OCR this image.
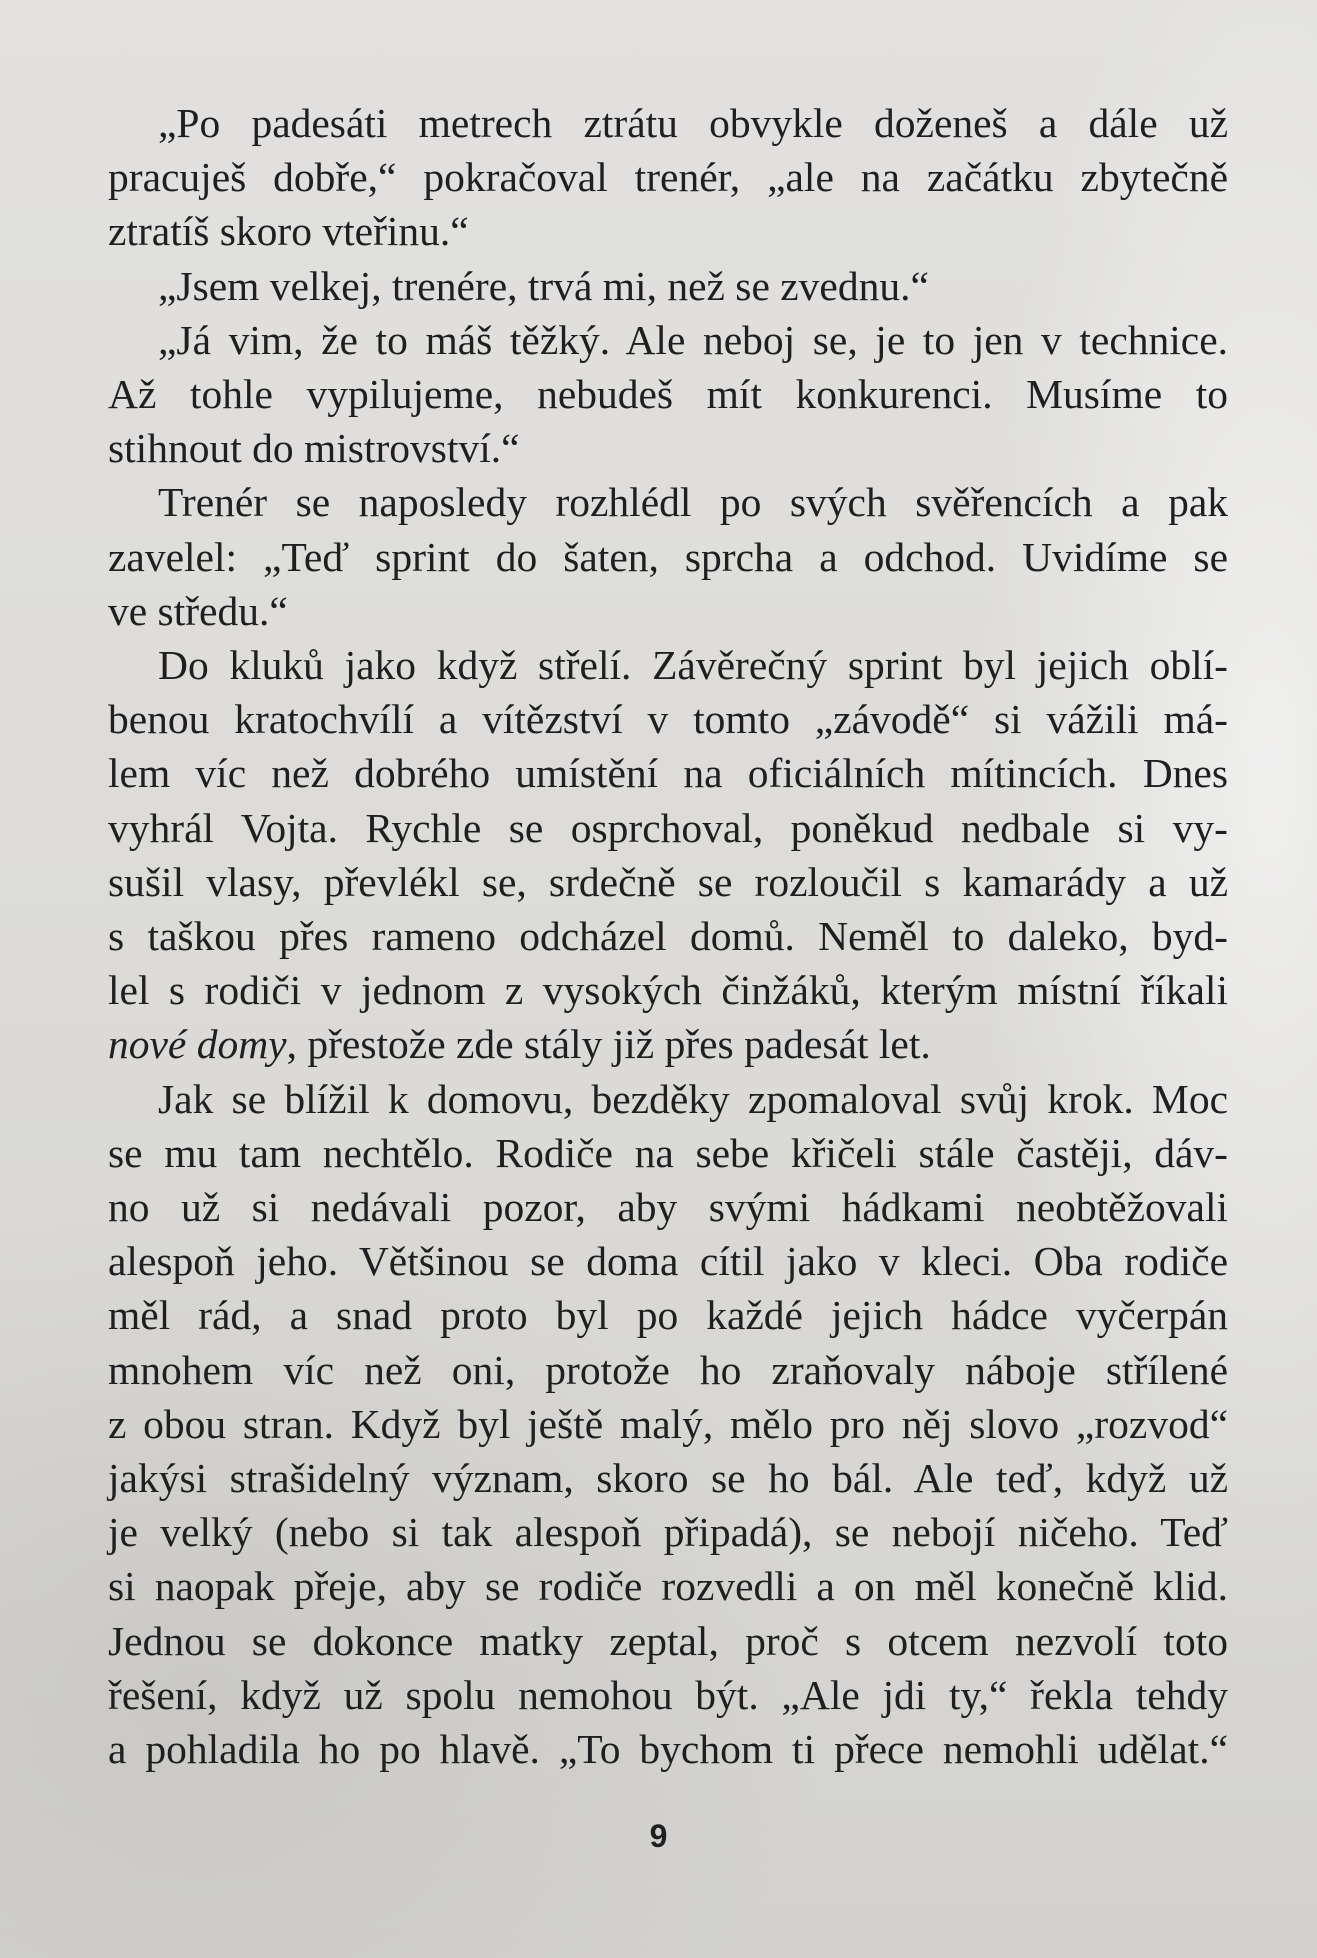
„Po padesáti metrech ztrátu obvykle doženeš a dále už
pracuješ dobře,“ pokračoval trenér, „ale na začátku zbytečně
ztratíš skoro vteřinu.“

„Jsem velkej, trenére, trvá mi, než se zvednu.“

„Já vim, že to máš těžký. Ale neboj se, je to jen v technice.
Až tohle vypilujeme, nebudeš mít konkurenci. Musíme to
stihnout do mistrovství.“

Trenér se naposledy rozhlédl po svých svěřencích a pak
zavelel: „Teď sprint do šaten, sprcha a odchod. Uvidíme se
ve středu.“

Do kluků jako když střelí. Závěrečný sprint byl jejich oblí-
benou kratochvílí a vítězství v tomto „závodě“ si vážili má-
lem víc než dobrého umístění na oficiálních mítincích. Dnes
vyhrál Vojta. Rychle se osprchoval, poněkud nedbale si vy-
sušil vlasy, převlékl se, srdečně se rozloučil s kamarády a už
s taškou přes rameno odcházel domů. Neměl to daleko, byd-
lel s rodiči v jednom z vysokých činžáků, kterým místní říkali
nové domy, přestože zde stály již přes padesát let.

Jak se blížil k domovu, bezděky zpomaloval svůj krok. Moc
se mu tam nechtělo. Rodiče na sebe křičeli stále častěji, dáv-
no už si nedávali pozor, aby svými hádkami neobtěžovali
alespoň jeho. Většinou se doma cítil jako v kleci. Oba rodiče
měl rád, a snad proto byl po každé jejich hádce vyčerpán
mnohem víc než oni, protože ho zraňovaly náboje střílené
z obou stran. Když byl ještě malý, mělo pro něj slovo „rozvod“
jakýsi strašidelný význam, skoro se ho bál. Ale teď, když už
je velký (nebo si tak alespoň připadá), se nebojí ničeho. Teď
si naopak přeje, aby se rodiče rozvedli a on měl konečně klid.
Jednou se dokonce matky zeptal, proč s otcem nezvolí toto
řešení, když už spolu nemohou být. „Ale jdi ty,“ řekla tehdy
a pohladila ho po hlavě. „To bychom ti přece nemohli udělat.“

9
